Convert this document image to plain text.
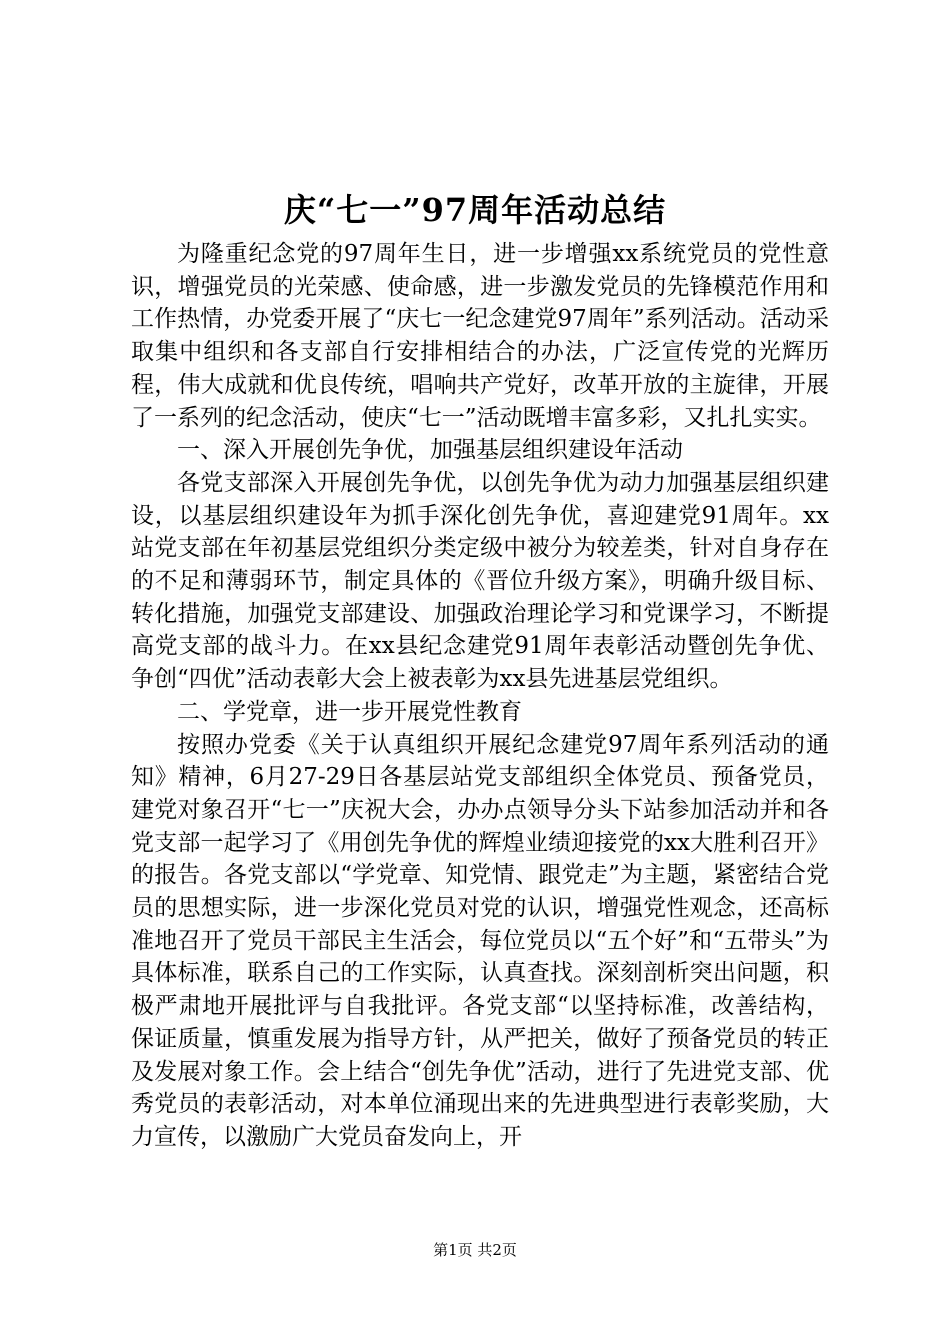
庆“七一”97周年活动总结

为隆重纪念党的97周年生日，进一步增强xx系统党员的党性意识，增强党员的光荣感、使命感，进一步激发党员的先锋模范作用和工作热情，办党委开展了“庆七一纪念建党97周年”系列活动。活动采取集中组织和各支部自行安排相结合的办法，广泛宣传党的光辉历程，伟大成就和优良传统，唱响共产党好，改革开放的主旋律，开展了一系列的纪念活动，使庆“七一”活动既增丰富多彩，又扎扎实实。

一、深入开展创先争优，加强基层组织建设年活动

各党支部深入开展创先争优，以创先争优为动力加强基层组织建设，以基层组织建设年为抓手深化创先争优，喜迎建党91周年。xx站党支部在年初基层党组织分类定级中被分为较差类，针对自身存在的不足和薄弱环节，制定具体的《晋位升级方案》，明确升级目标、转化措施，加强党支部建设、加强政治理论学习和党课学习，不断提高党支部的战斗力。在xx县纪念建党91周年表彰活动暨创先争优、争创“四优”活动表彰大会上被表彰为xx县先进基层党组织。

二、学党章，进一步开展党性教育

按照办党委《关于认真组织开展纪念建党97周年系列活动的通知》精神，6月27-29日各基层站党支部组织全体党员、预备党员，建党对象召开“七一”庆祝大会，办办点领导分头下站参加活动并和各党支部一起学习了《用创先争优的辉煌业绩迎接党的xx大胜利召开》的报告。各党支部以“学党章、知党情、跟党走”为主题，紧密结合党员的思想实际，进一步深化党员对党的认识，增强党性观念，还高标准地召开了党员干部民主生活会，每位党员以“五个好”和“五带头”为具体标准，联系自己的工作实际，认真查找。深刻剖析突出问题，积极严肃地开展批评与自我批评。各党支部“以坚持标准，改善结构，保证质量，慎重发展为指导方针，从严把关，做好了预备党员的转正及发展对象工作。会上结合“创先争优”活动，进行了先进党支部、优秀党员的表彰活动，对本单位涌现出来的先进典型进行表彰奖励，大力宣传，以激励广大党员奋发向上，开

第1页 共2页
